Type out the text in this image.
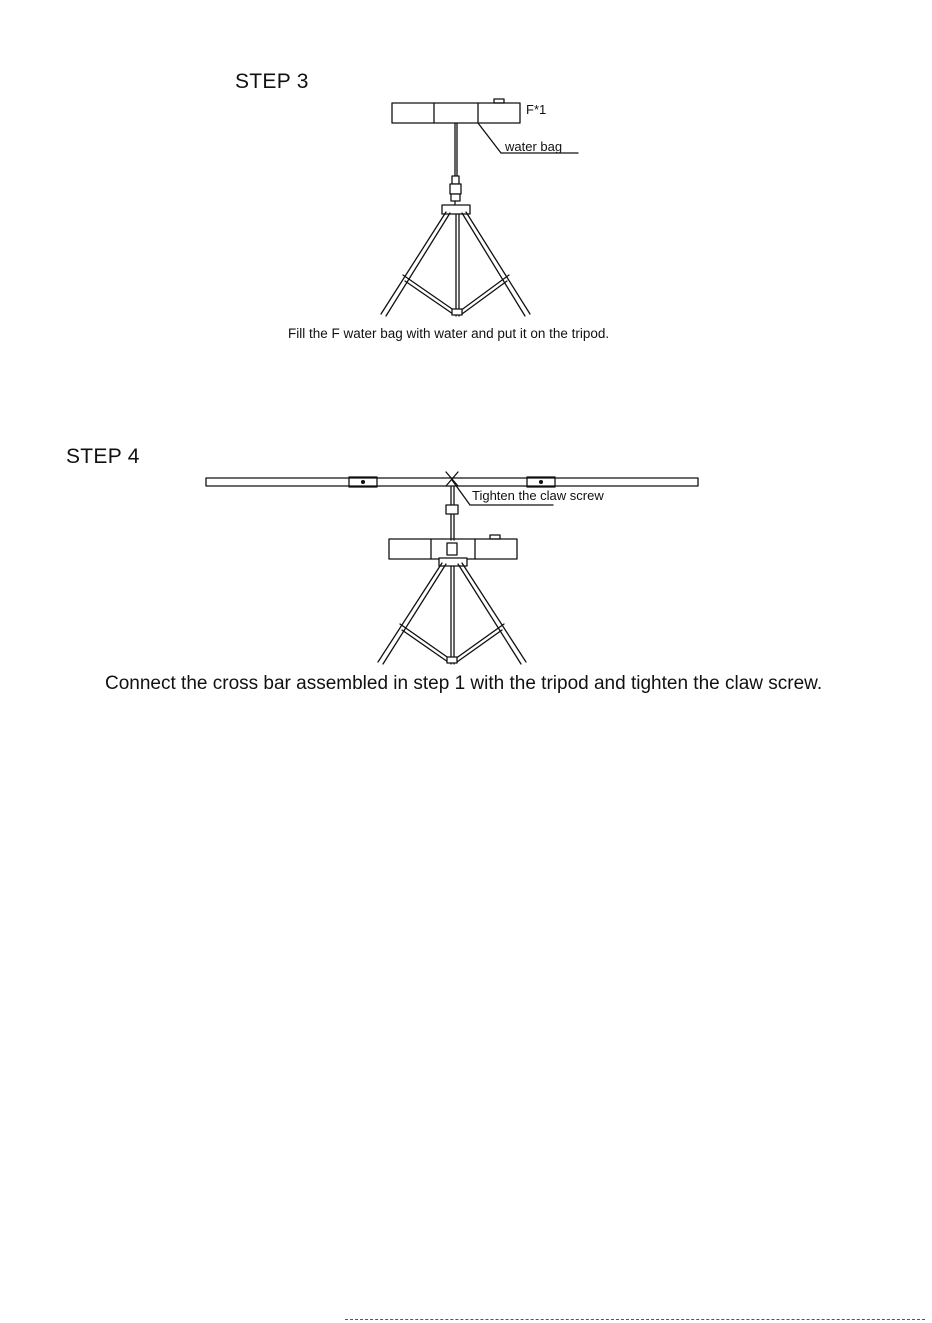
STEP 3
F*1
water bag
Fill the F water bag with water and put it on the tripod.
STEP 4
Tighten the claw screw
Connect the cross bar assembled in step 1 with the tripod and tighten the claw screw.
